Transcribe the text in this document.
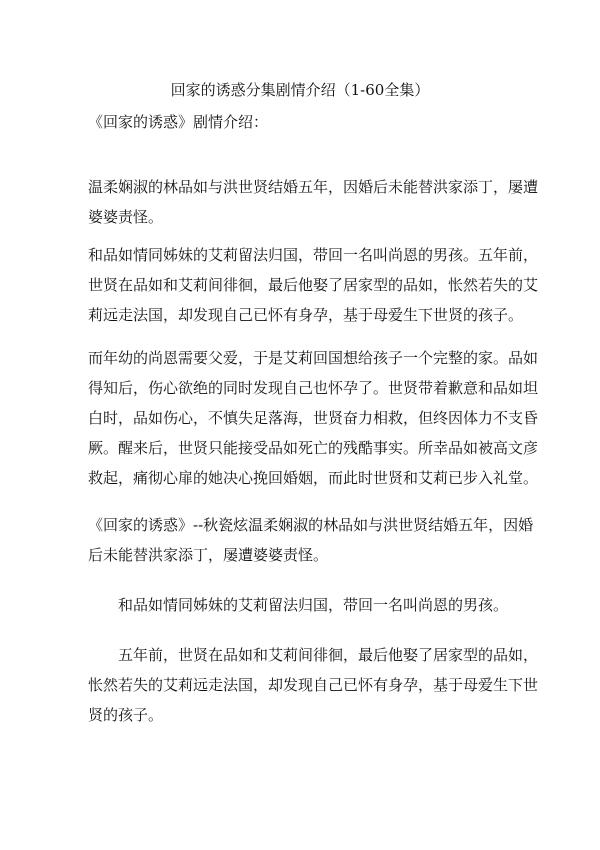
回家的诱惑分集剧情介绍（1-60全集）
《回家的诱惑》剧情介绍：

温柔娴淑的林品如与洪世贤结婚五年，因婚后未能替洪家添丁，屡遭
婆婆责怪。

和品如情同姊妹的艾莉留法归国，带回一名叫尚恩的男孩。五年前，
世贤在品如和艾莉间徘徊，最后他娶了居家型的品如，怅然若失的艾
莉远走法国，却发现自己已怀有身孕，基于母爱生下世贤的孩子。

而年幼的尚恩需要父爱，于是艾莉回国想给孩子一个完整的家。品如
得知后，伤心欲绝的同时发现自己也怀孕了。世贤带着歉意和品如坦
白时，品如伤心，不慎失足落海，世贤奋力相救，但终因体力不支昏
厥。醒来后，世贤只能接受品如死亡的残酷事实。所幸品如被高文彦
救起，痛彻心扉的她决心挽回婚姻，而此时世贤和艾莉已步入礼堂。

《回家的诱惑》--秋瓷炫温柔娴淑的林品如与洪世贤结婚五年，因婚
后未能替洪家添丁，屡遭婆婆责怪。

和品如情同姊妹的艾莉留法归国，带回一名叫尚恩的男孩。

五年前，世贤在品如和艾莉间徘徊，最后他娶了居家型的品如，
怅然若失的艾莉远走法国，却发现自己已怀有身孕，基于母爱生下世
贤的孩子。
